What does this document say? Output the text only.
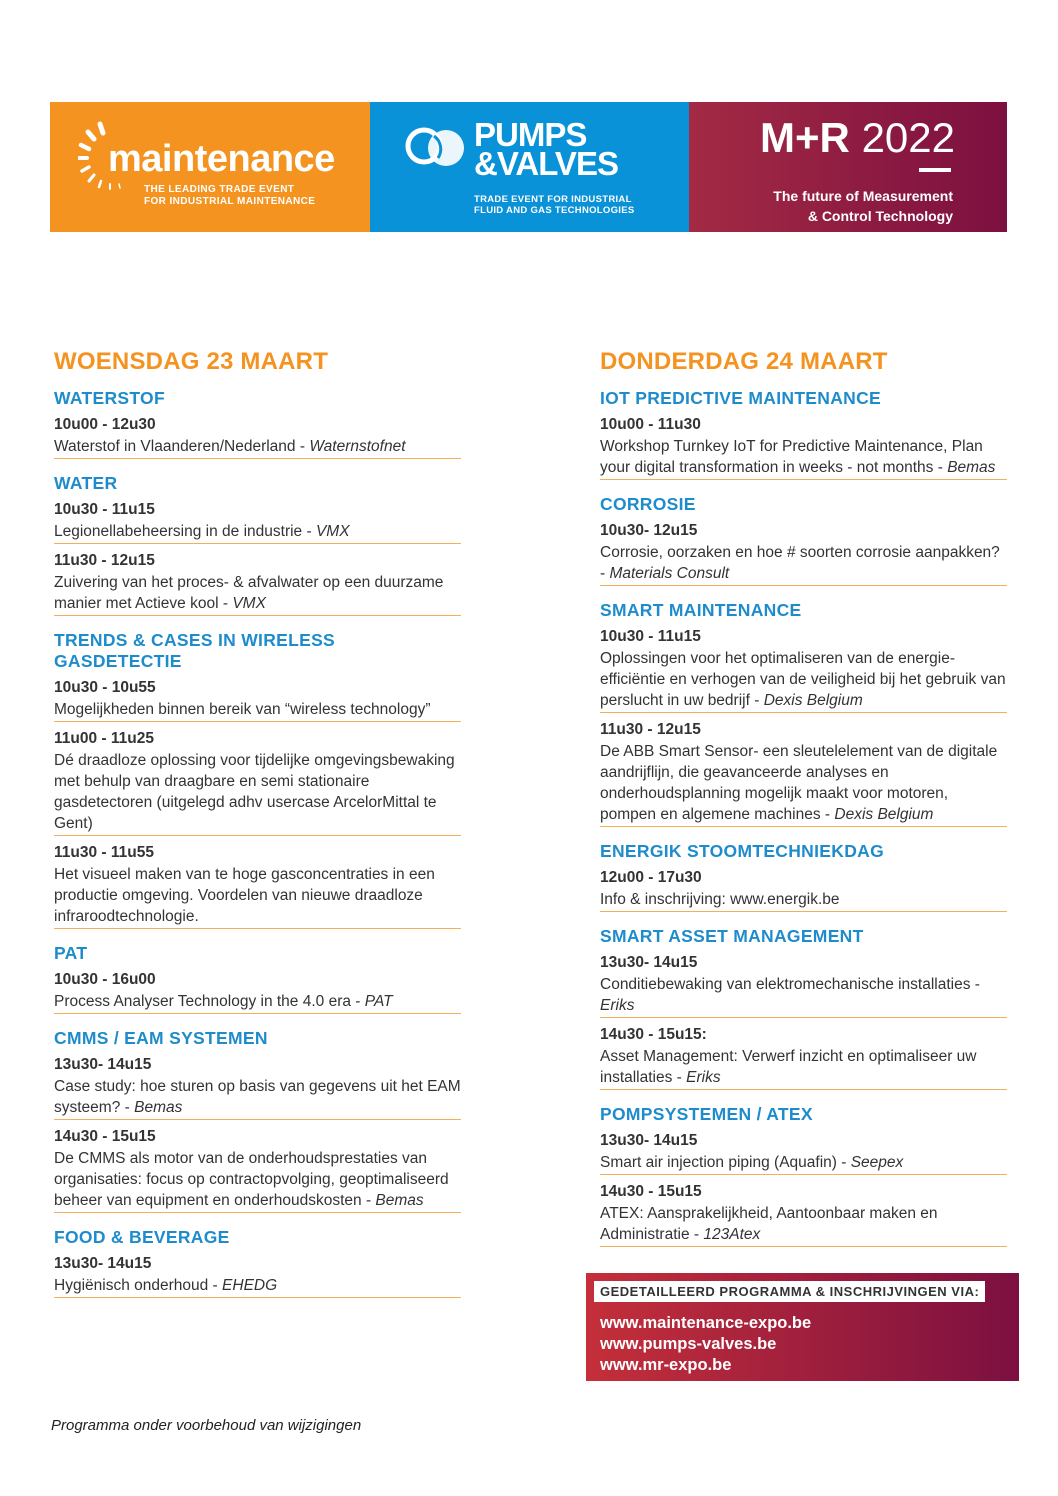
maintenance
THE LEADING TRADE EVENT
FOR INDUSTRIAL MAINTENANCE
PUMPS
&VALVES
TRADE EVENT FOR INDUSTRIAL
FLUID AND GAS TECHNOLOGIES
M+R 2022
The future of Measurement
& Control Technology
WOENSDAG 23 MAART
WATERSTOF
10u00 - 12u30
Waterstof in Vlaanderen/Nederland - Waternstofnet
WATER
10u30 - 11u15
Legionellabeheersing in de industrie - VMX
11u30 - 12u15
Zuivering van het proces- & afvalwater op een duurzame manier met Actieve kool - VMX
TRENDS & CASES IN WIRELESS GASDETECTIE
10u30 - 10u55
Mogelijkheden binnen bereik van “wireless technology”
11u00 - 11u25
Dé draadloze oplossing voor tijdelijke omgevingsbewaking met behulp van draagbare en semi stationaire gasdetectoren (uitgelegd adhv usercase ArcelorMittal te Gent)
11u30 - 11u55
Het visueel maken van te hoge gasconcentraties in een productie omgeving. Voordelen van nieuwe draadloze infraroodtechnologie.
PAT
10u30 - 16u00
Process Analyser Technology in the 4.0 era - PAT
CMMS / EAM SYSTEMEN
13u30- 14u15
Case study: hoe sturen op basis van gegevens uit het EAM systeem? - Bemas
14u30 - 15u15
De CMMS als motor van de onderhoudsprestaties van organisaties: focus op contractopvolging, geoptimaliseerd beheer van equipment en onderhoudskosten - Bemas
FOOD & BEVERAGE
13u30- 14u15
Hygiënisch onderhoud - EHEDG
DONDERDAG 24 MAART
IOT PREDICTIVE MAINTENANCE
10u00 - 11u30
Workshop Turnkey IoT for Predictive Maintenance, Plan your digital transformation in weeks - not months - Bemas
CORROSIE
10u30- 12u15
Corrosie, oorzaken en hoe # soorten corrosie aanpakken? - Materials Consult
SMART MAINTENANCE
10u30 - 11u15
Oplossingen voor het optimaliseren van de energie-efficiëntie en verhogen van de veiligheid bij het gebruik van perslucht in uw bedrijf - Dexis Belgium
11u30 - 12u15
De ABB Smart Sensor- een sleutelelement van de digitale aandrijflijn, die geavanceerde analyses en onderhoudsplanning mogelijk maakt voor motoren, pompen en algemene machines - Dexis Belgium
ENERGIK STOOMTECHNIEKDAG
12u00 - 17u30
Info & inschrijving: www.energik.be
SMART ASSET MANAGEMENT
13u30- 14u15
Conditiebewaking van elektromechanische installaties - Eriks
14u30 - 15u15:
Asset Management: Verwerf inzicht en optimaliseer uw installaties - Eriks
POMPSYSTEMEN / ATEX
13u30- 14u15
Smart air injection piping (Aquafin) - Seepex
14u30 - 15u15
ATEX: Aansprakelijkheid, Aantoonbaar maken en Administratie - 123Atex
GEDETAILLEERD PROGRAMMA & INSCHRIJVINGEN VIA:
www.maintenance-expo.be
www.pumps-valves.be
www.mr-expo.be
Programma onder voorbehoud van wijzigingen
